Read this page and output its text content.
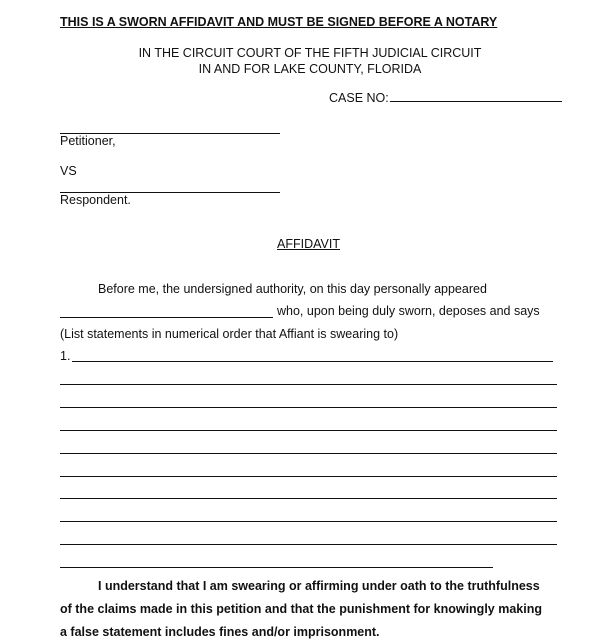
THIS IS A SWORN AFFIDAVIT AND MUST BE SIGNED BEFORE A NOTARY
IN THE CIRCUIT COURT OF THE FIFTH JUDICIAL CIRCUIT
IN AND FOR LAKE COUNTY, FLORIDA
CASE NO:
Petitioner,
VS
Respondent.
AFFIDAVIT
Before me, the undersigned authority, on this day personally appeared
who, upon being duly sworn, deposes and says
(List statements in numerical order that Affiant is swearing to)
1.
I understand that I am swearing or affirming under oath to the truthfulness
of the claims made in this petition and that the punishment for knowingly making
a false statement includes fines and/or imprisonment.
